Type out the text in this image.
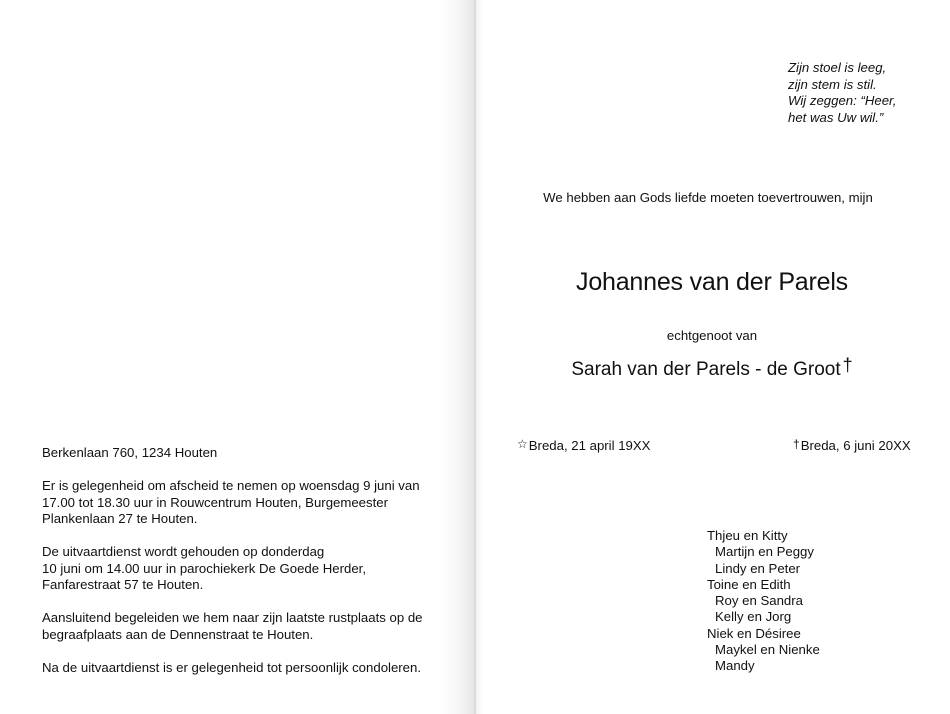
Berkenlaan 760, 1234 Houten

Er is gelegenheid om afscheid te nemen op woensdag 9 juni van
17.00 tot 18.30 uur in Rouwcentrum Houten, Burgemeester
Plankenlaan 27 te Houten.

De uitvaartdienst wordt gehouden op donderdag
10 juni om 14.00 uur in parochiekerk De Goede Herder,
Fanfarestraat 57 te Houten.

Aansluitend begeleiden we hem naar zijn laatste rustplaats op de
begraafplaats aan de Dennenstraat te Houten.

Na de uitvaartdienst is er gelegenheid tot persoonlijk condoleren.

Zijn stoel is leeg,
zijn stem is stil.
Wij zeggen: “Heer,
het was Uw wil.”
We hebben aan Gods liefde moeten toevertrouwen, mijn
Johannes van der Parels
echtgenoot van
Sarah van der Parels - de Groot †
☆Breda, 21 april 19XX	†Breda, 6 juni 20XX
Thjeu en Kitty
Martijn en Peggy
Lindy en Peter
Toine en Edith
Roy en Sandra
Kelly en Jorg
Niek en Désiree
Maykel en Nienke
Mandy
